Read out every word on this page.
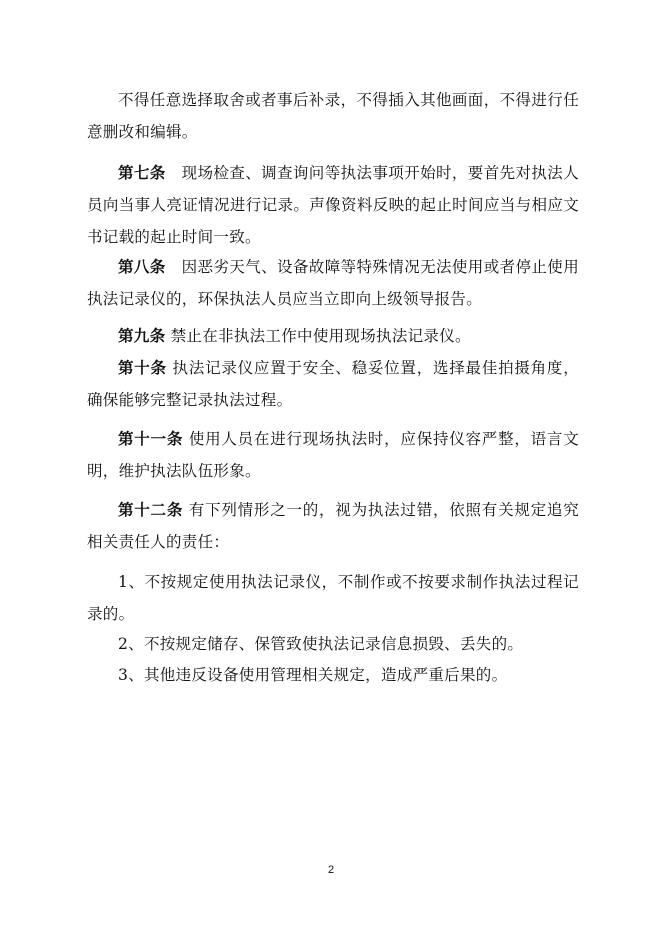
不得任意选择取舍或者事后补录，不得插入其他画面，不得进行任意删改和编辑。

第七条　现场检查、调查询问等执法事项开始时，要首先对执法人员向当事人亮证情况进行记录。声像资料反映的起止时间应当与相应文书记载的起止时间一致。

第八条　因恶劣天气、设备故障等特殊情况无法使用或者停止使用执法记录仪的，环保执法人员应当立即向上级领导报告。

第九条 禁止在非执法工作中使用现场执法记录仪。

第十条 执法记录仪应置于安全、稳妥位置，选择最佳拍摄角度，确保能够完整记录执法过程。

第十一条 使用人员在进行现场执法时，应保持仪容严整，语言文明，维护执法队伍形象。

第十二条 有下列情形之一的，视为执法过错，依照有关规定追究相关责任人的责任：

1、不按规定使用执法记录仪，不制作或不按要求制作执法过程记录的。

2、不按规定储存、保管致使执法记录信息损毁、丢失的。

3、其他违反设备使用管理相关规定，造成严重后果的。

2
